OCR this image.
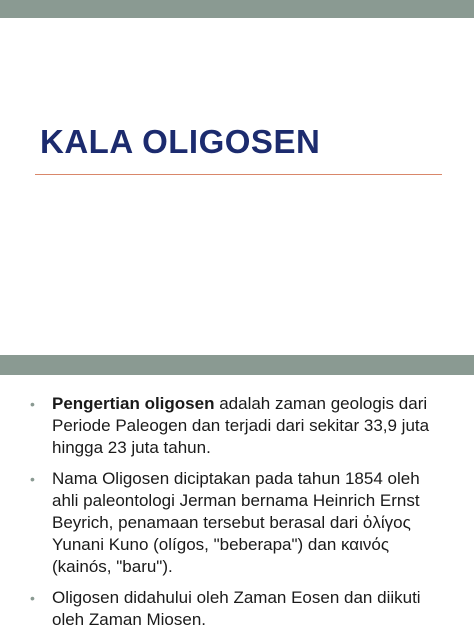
KALA OLIGOSEN
• Pengertian oligosen adalah zaman geologis dari Periode Paleogen dan terjadi dari sekitar 33,9 juta hingga 23 juta tahun.
• Nama Oligosen diciptakan pada tahun 1854 oleh ahli paleontologi Jerman bernama Heinrich Ernst Beyrich, penamaan tersebut berasal dari ὀλίγος Yunani Kuno (olígos, "beberapa") dan καινός (kainós, "baru").
• Oligosen didahului oleh Zaman Eosen dan diikuti oleh Zaman Miosen.
